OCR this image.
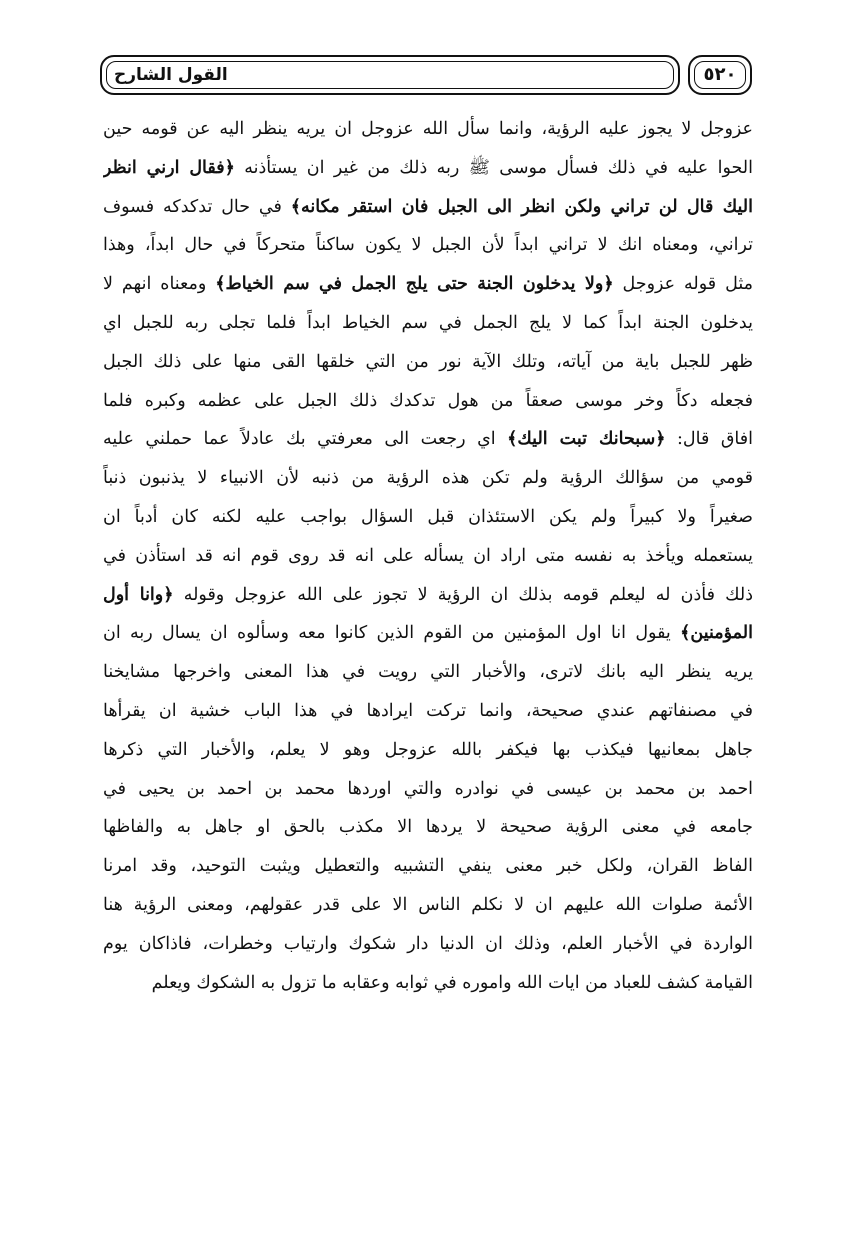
القول الشارح	٥٢٠
عزوجل لا يجوز عليه الرؤية، وانما سأل الله عزوجل ان يريه ينظر اليه عن قومه حين
الحوا عليه في ذلك فسأل موسى ﷺ ربه ذلك من غير ان يستأذنه ﴿فقال ارني انظر
اليك قال لن تراني ولكن انظر الى الجبل فان استقر مكانه﴾ في حال تدكدكه فسوف
تراني، ومعناه انك لا تراني ابداً لأن الجبل لا يكون ساكناً متحركاً في حال ابداً، وهذا
مثل قوله عزوجل ﴿ولا يدخلون الجنة حتى يلج الجمل في سم الخياط﴾ ومعناه انهم لا
يدخلون الجنة ابداً كما لا يلج الجمل في سم الخياط ابداً فلما تجلى ربه للجبل اي
ظهر للجبل باية من آياته، وتلك الآية نور من التي خلقها القى منها على ذلك الجبل
فجعله دكاً وخر موسى صعقاً من هول تدكدك ذلك الجبل على عظمه وكبره فلما
افاق قال: ﴿سبحانك تبت اليك﴾ اي رجعت الى معرفتي بك عادلاً عما حملني عليه
قومي من سؤالك الرؤية ولم تكن هذه الرؤية من ذنبه لأن الانبياء لا يذنبون ذنباً
صغيراً ولا كبيراً ولم يكن الاستئذان قبل السؤال بواجب عليه لكنه كان أدباً ان
يستعمله ويأخذ به نفسه متى اراد ان يسأله على انه قد روى قوم انه قد استأذن في
ذلك فأذن له ليعلم قومه بذلك ان الرؤية لا تجوز على الله عزوجل وقوله ﴿وانا أول
المؤمنين﴾ يقول انا اول المؤمنين من القوم الذين كانوا معه وسألوه ان يسال ربه ان
يريه ينظر اليه بانك لاترى، والأخبار التي رويت في هذا المعنى واخرجها مشايخنا
في مصنفاتهم عندي صحيحة، وانما تركت ايرادها في هذا الباب خشية ان يقرأها
جاهل بمعانيها فيكذب بها فيكفر بالله عزوجل وهو لا يعلم، والأخبار التي ذكرها
احمد بن محمد بن عيسى في نوادره والتي اوردها محمد بن احمد بن يحيى في
جامعه في معنى الرؤية صحيحة لا يردها الا مكذب بالحق او جاهل به والفاظها
الفاظ القران، ولكل خبر معنى ينفي التشبيه والتعطيل ويثبت التوحيد، وقد امرنا
الأئمة صلوات الله عليهم ان لا نكلم الناس الا على قدر عقولهم، ومعنى الرؤية هنا
الواردة في الأخبار العلم، وذلك ان الدنيا دار شكوك وارتياب وخطرات، فاذاكان يوم
القيامة كشف للعباد من ايات الله واموره في ثوابه وعقابه ما تزول به الشكوك ويعلم
